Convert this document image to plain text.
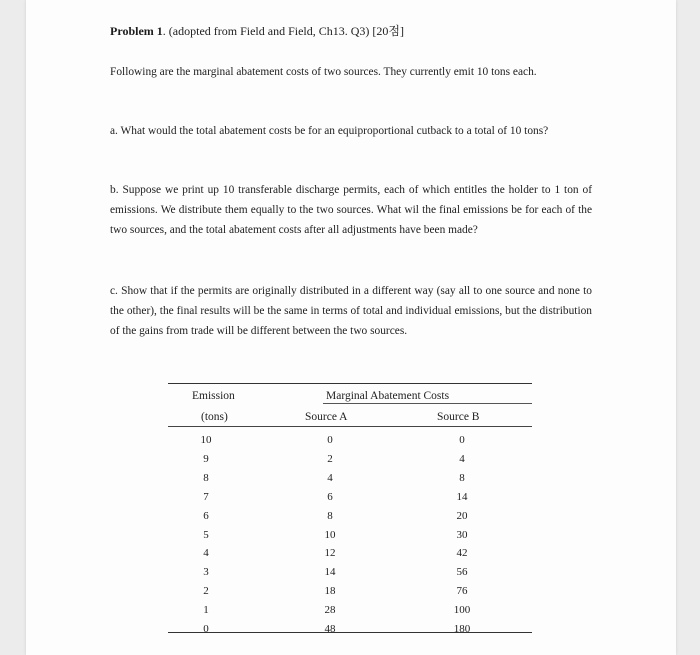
Problem 1. (adopted from Field and Field, Ch13. Q3) [20점]
Following are the marginal abatement costs of two sources. They currently emit 10 tons each.
a. What would the total abatement costs be for an equiproportional cutback to a total of 10 tons?
b. Suppose we print up 10 transferable discharge permits, each of which entitles the holder to 1 ton of emissions. We distribute them equally to the two sources. What wil the final emissions be for each of the two sources, and the total abatement costs after all adjustments have been made?
c. Show that if the permits are originally distributed in a different way (say all to one source and none to the other), the final results will be the same in terms of total and individual emissions, but the distribution of the gains from trade will be different between the two sources.
Emission
(tons)
Marginal Abatement Costs
Source A	Source B
10	0	0
9	2	4
8	4	8
7	6	14
6	8	20
5	10	30
4	12	42
3	14	56
2	18	76
1	28	100
0	48	180
